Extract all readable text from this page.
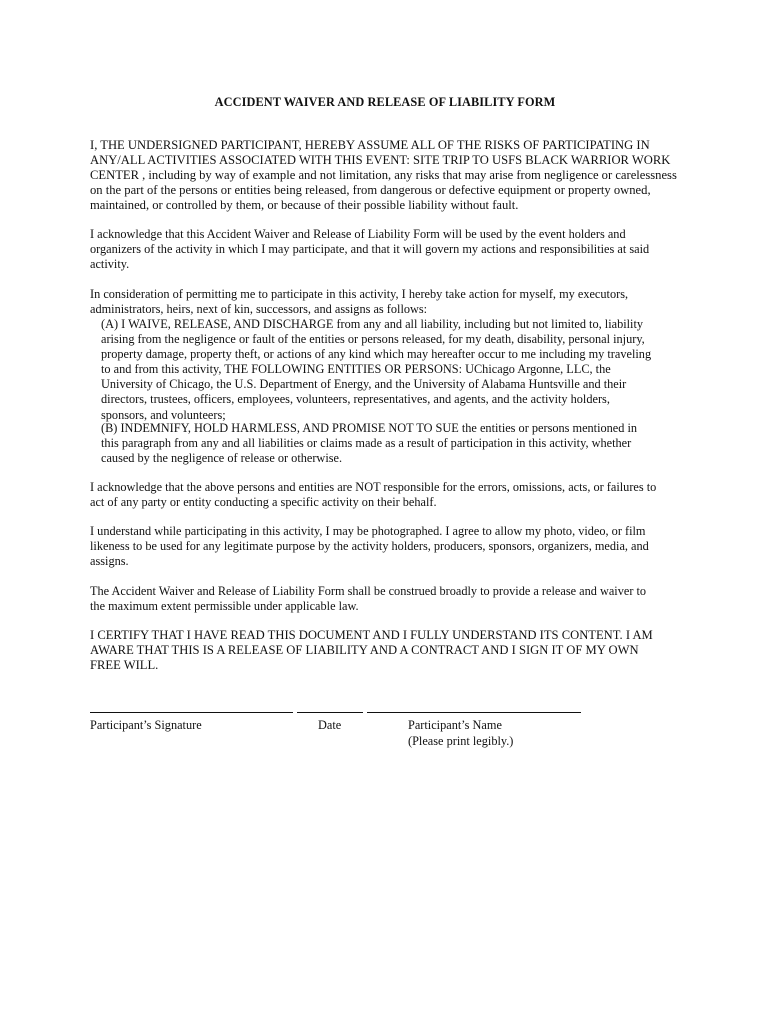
ACCIDENT WAIVER AND RELEASE OF LIABILITY FORM

I, THE UNDERSIGNED PARTICIPANT, HEREBY ASSUME ALL OF THE RISKS OF PARTICIPATING IN
ANY/ALL ACTIVITIES ASSOCIATED WITH THIS EVENT: SITE TRIP TO USFS BLACK WARRIOR WORK
CENTER , including by way of example and not limitation, any risks that may arise from negligence or carelessness
on the part of the persons or entities being released, from dangerous or defective equipment or property owned,
maintained, or controlled by them, or because of their possible liability without fault.

I acknowledge that this Accident Waiver and Release of Liability Form will be used by the event holders and
organizers of the activity in which I may participate, and that it will govern my actions and responsibilities at said
activity.

In consideration of permitting me to participate in this activity, I hereby take action for myself, my executors,
administrators, heirs, next of kin, successors, and assigns as follows:

(A) I WAIVE, RELEASE, AND DISCHARGE from any and all liability, including but not limited to, liability
arising from the negligence or fault of the entities or persons released, for my death, disability, personal injury,
property damage, property theft, or actions of any kind which may hereafter occur to me including my traveling
to and from this activity, THE FOLLOWING ENTITIES OR PERSONS: UChicago Argonne, LLC, the
University of Chicago, the U.S. Department of Energy, and the University of Alabama Huntsville and their
directors, trustees, officers, employees, volunteers, representatives, and agents, and the activity holders,
sponsors, and volunteers;

(B) INDEMNIFY, HOLD HARMLESS, AND PROMISE NOT TO SUE the entities or persons mentioned in
this paragraph from any and all liabilities or claims made as a result of participation in this activity, whether
caused by the negligence of release or otherwise.

I acknowledge that the above persons and entities are NOT responsible for the errors, omissions, acts, or failures to
act of any party or entity conducting a specific activity on their behalf.

I understand while participating in this activity, I may be photographed. I agree to allow my photo, video, or film
likeness to be used for any legitimate purpose by the activity holders, producers, sponsors, organizers, media, and
assigns.

The Accident Waiver and Release of Liability Form shall be construed broadly to provide a release and waiver to
the maximum extent permissible under applicable law.

I CERTIFY THAT I HAVE READ THIS DOCUMENT AND I FULLY UNDERSTAND ITS CONTENT. I AM
AWARE THAT THIS IS A RELEASE OF LIABILITY AND A CONTRACT AND I SIGN IT OF MY OWN
FREE WILL.

Participant’s Signature	Date	Participant’s Name
(Please print legibly.)
